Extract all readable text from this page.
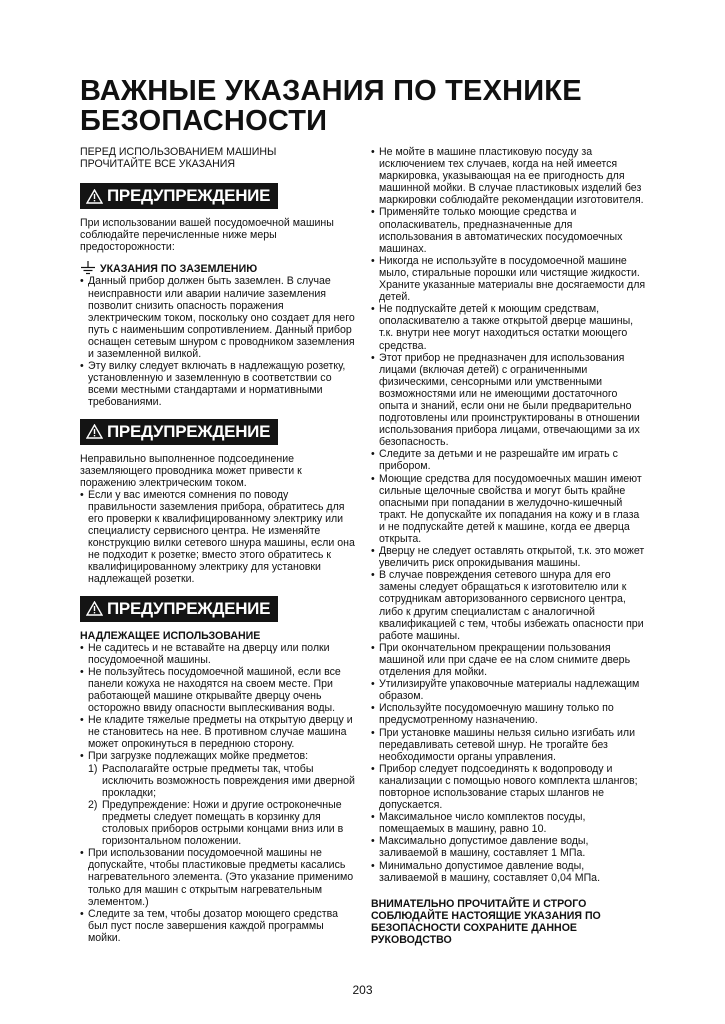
ВАЖНЫЕ УКАЗАНИЯ ПО ТЕХНИКЕ БЕЗОПАСНОСТИ
ПЕРЕД ИСПОЛЬЗОВАНИЕМ МАШИНЫ
ПРОЧИТАЙТЕ ВСЕ УКАЗАНИЯ
ПРЕДУПРЕЖДЕНИЕ
При использовании вашей посудомоечной машины соблюдайте перечисленные ниже меры предосторожности:
УКАЗАНИЯ ПО ЗАЗЕМЛЕНИЮ
• Данный прибор должен быть заземлен. В случае неисправности или аварии наличие заземления позволит снизить опасность поражения электрическим током, поскольку оно создает для него путь с наименьшим сопротивлением. Данный прибор оснащен сетевым шнуром с проводником заземления и заземленной вилкой.
• Эту вилку следует включать в надлежащую розетку, установленную и заземленную в соответствии со всеми местными стандартами и нормативными требованиями.
ПРЕДУПРЕЖДЕНИЕ
Неправильно выполненное подсоединение заземляющего проводника может привести к поражению электрическим током.
• Если у вас имеются сомнения по поводу правильности заземления прибора, обратитесь для его проверки к квалифицированному электрику или специалисту сервисного центра. Не изменяйте конструкцию вилки сетевого шнура машины, если она не подходит к розетке; вместо этого обратитесь к квалифицированному электрику для установки надлежащей розетки.
ПРЕДУПРЕЖДЕНИЕ
НАДЛЕЖАЩЕЕ ИСПОЛЬЗОВАНИЕ
• Не садитесь и не вставайте на дверцу или полки посудомоечной машины.
• Не пользуйтесь посудомоечной машиной, если все панели кожуха не находятся на своем месте. При работающей машине открывайте дверцу очень осторожно ввиду опасности выплескивания воды.
• Не кладите тяжелые предметы на открытую дверцу и не становитесь на нее. В противном случае машина может опрокинуться в переднюю сторону.
• При загрузке подлежащих мойке предметов:
1) Располагайте острые предметы так, чтобы исключить возможность повреждения ими дверной прокладки;
2) Предупреждение: Ножи и другие остроконечные предметы следует помещать в корзинку для столовых приборов острыми концами вниз или в горизонтальном положении.
• При использовании посудомоечной машины не допускайте, чтобы пластиковые предметы касались нагревательного элемента. (Это указание применимо только для машин с открытым нагревательным элементом.)
• Следите за тем, чтобы дозатор моющего средства был пуст после завершения каждой программы мойки.
• Не мойте в машине пластиковую посуду за исключением тех случаев, когда на ней имеется маркировка, указывающая на ее пригодность для машинной мойки. В случае пластиковых изделий без маркировки соблюдайте рекомендации изготовителя.
• Применяйте только моющие средства и ополаскиватель, предназначенные для использования в автоматических посудомоечных машинах.
• Никогда не используйте в посудомоечной машине мыло, стиральные порошки или чистящие жидкости. Храните указанные материалы вне досягаемости для детей.
• Не подпускайте детей к моющим средствам, ополаскивателю а также открытой дверце машины, т.к. внутри нее могут находиться остатки моющего средства.
• Этот прибор не предназначен для использования лицами (включая детей) с ограниченными физическими, сенсорными или умственными возможностями или не имеющими достаточного опыта и знаний, если они не были предварительно подготовлены или проинструктированы в отношении использования прибора лицами, отвечающими за их безопасность.
• Следите за детьми и не разрешайте им играть с прибором.
• Моющие средства для посудомоечных машин имеют сильные щелочные свойства и могут быть крайне опасными при попадании в желудочно-кишечный тракт. Не допускайте их попадания на кожу и в глаза и не подпускайте детей к машине, когда ее дверца открыта.
• Дверцу не следует оставлять открытой, т.к. это может увеличить риск опрокидывания машины.
• В случае повреждения сетевого шнура для его замены следует обращаться к изготовителю или к сотрудникам авторизованного сервисного центра, либо к другим специалистам с аналогичной квалификацией с тем, чтобы избежать опасности при работе машины.
• При окончательном прекращении пользования машиной или при сдаче ее на слом снимите дверь отделения для мойки.
• Утилизируйте упаковочные материалы надлежащим образом.
• Используйте посудомоечную машину только по предусмотренному назначению.
• При установке машины нельзя сильно изгибать или передавливать сетевой шнур. Не трогайте без необходимости органы управления.
• Прибор следует подсоединять к водопроводу и канализации с помощью нового комплекта шлангов; повторное использование старых шлангов не допускается.
• Максимальное число комплектов посуды, помещаемых в машину, равно 10.
• Максимально допустимое давление воды, заливаемой в машину, составляет 1 МПа.
• Минимально допустимое давление воды, заливаемой в машину, составляет 0,04 МПа.
ВНИМАТЕЛЬНО ПРОЧИТАЙТЕ И СТРОГО СОБЛЮДАЙТЕ НАСТОЯЩИЕ УКАЗАНИЯ ПО БЕЗОПАСНОСТИ СОХРАНИТЕ ДАННОЕ РУКОВОДСТВО
203
